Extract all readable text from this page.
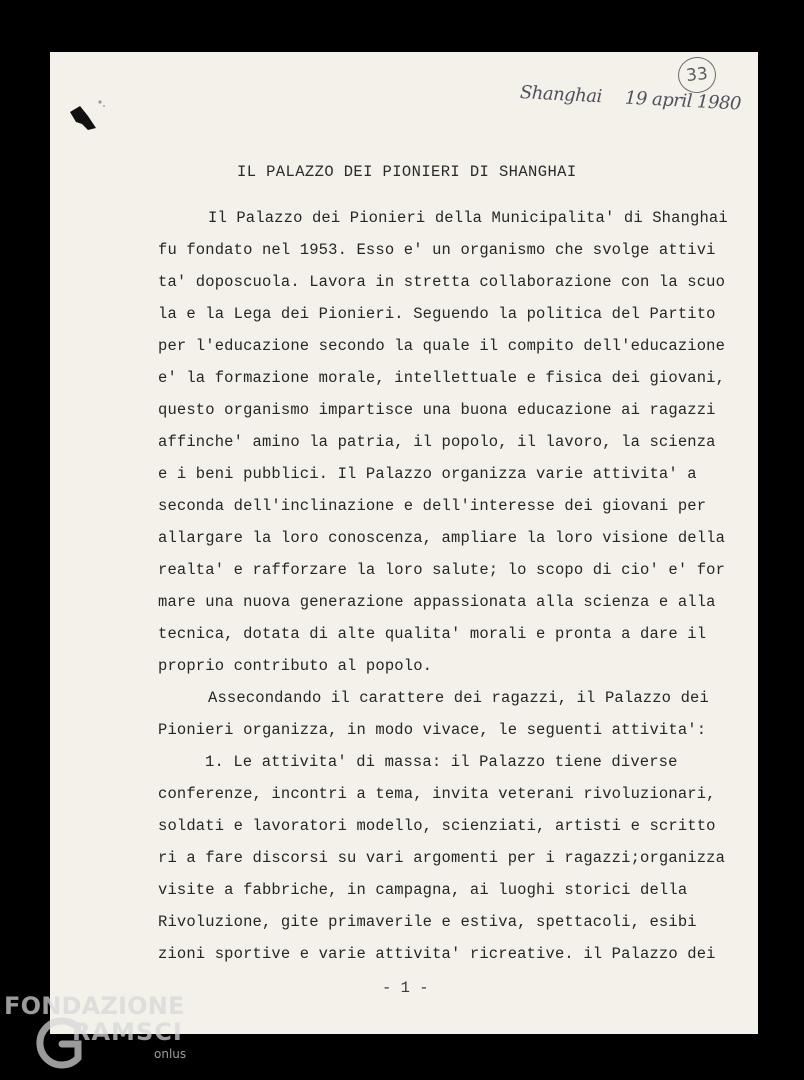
Shanghai 19 april 1980
33
IL PALAZZO DEI PIONIERI DI SHANGHAI
Il Palazzo dei Pionieri della Municipalita' di Shanghai
fu fondato nel 1953. Esso e' un organismo che svolge attivi
ta' doposcuola. Lavora in stretta collaborazione con la scuo
la e la Lega dei Pionieri. Seguendo la politica del Partito
per l'educazione secondo la quale il compito dell'educazione
e' la formazione morale, intellettuale e fisica dei giovani,
questo organismo impartisce una buona educazione ai ragazzi
affinche' amino la patria, il popolo, il lavoro, la scienza
e i beni pubblici. Il Palazzo organizza varie attivita' a
seconda dell'inclinazione e dell'interesse dei giovani per
allargare la loro conoscenza, ampliare la loro visione della
realta' e rafforzare la loro salute; lo scopo di cio' e' for
mare una nuova generazione appassionata alla scienza e alla
tecnica, dotata di alte qualita' morali e pronta a dare il
proprio contributo al popolo.
Assecondando il carattere dei ragazzi, il Palazzo dei
Pionieri organizza, in modo vivace, le seguenti attivita':
1. Le attivita' di massa: il Palazzo tiene diverse
conferenze, incontri a tema, invita veterani rivoluzionari,
soldati e lavoratori modello, scienziati, artisti e scritto
ri a fare discorsi su vari argomenti per i ragazzi;organizza
visite a fabbriche, in campagna, ai luoghi storici della
Rivoluzione, gite primaverile e estiva, spettacoli, esibi
zioni sportive e varie attivita' ricreative. il Palazzo dei
- 1 -
FONDAZIONE
RAMSCI
onlus
